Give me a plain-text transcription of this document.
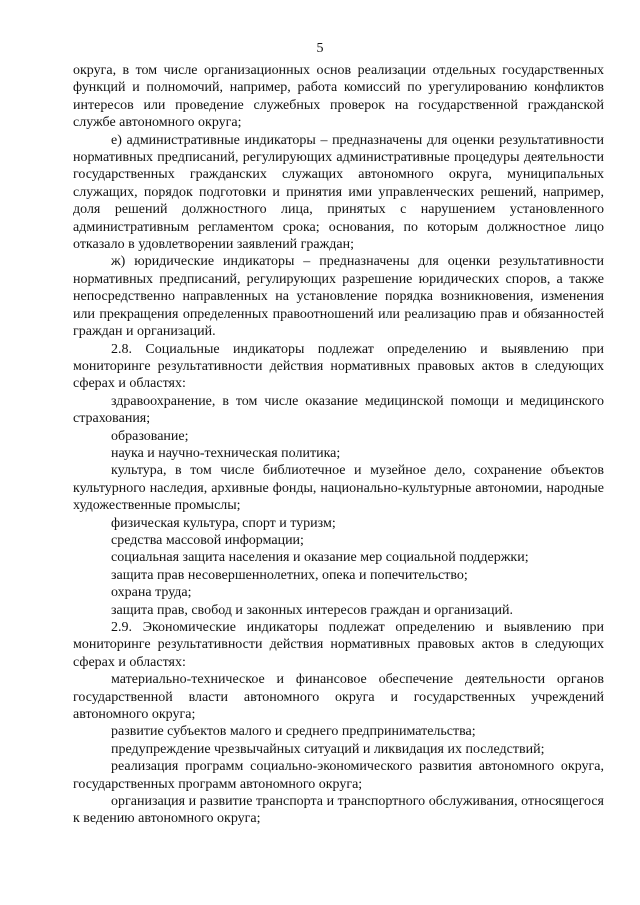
5

округа, в том числе организационных основ реализации отдельных государственных функций и полномочий, например, работа комиссий по урегулированию конфликтов интересов или проведение служебных проверок на государственной гражданской службе автономного округа;

е) административные индикаторы – предназначены для оценки результативности нормативных предписаний, регулирующих административные процедуры деятельности государственных гражданских служащих автономного округа, муниципальных служащих, порядок подготовки и принятия ими управленческих решений, например, доля решений должностного лица, принятых с нарушением установленного административным регламентом срока; основания, по которым должностное лицо отказало в удовлетворении заявлений граждан;

ж) юридические индикаторы – предназначены для оценки результативности нормативных предписаний, регулирующих разрешение юридических споров, а также непосредственно направленных на установление порядка возникновения, изменения или прекращения определенных правоотношений или реализацию прав и обязанностей граждан и организаций.

2.8. Социальные индикаторы подлежат определению и выявлению при мониторинге результативности действия нормативных правовых актов в следующих сферах и областях:

здравоохранение, в том числе оказание медицинской помощи и медицинского страхования;

образование;

наука и научно-техническая политика;

культура, в том числе библиотечное и музейное дело, сохранение объектов культурного наследия, архивные фонды, национально-культурные автономии, народные художественные промыслы;

физическая культура, спорт и туризм;

средства массовой информации;

социальная защита населения и оказание мер социальной поддержки;

защита прав несовершеннолетних, опека и попечительство;

охрана труда;

защита прав, свобод и законных интересов граждан и организаций.

2.9. Экономические индикаторы подлежат определению и выявлению при мониторинге результативности действия нормативных правовых актов в следующих сферах и областях:

материально-техническое и финансовое обеспечение деятельности органов государственной власти автономного округа и государственных учреждений автономного округа;

развитие субъектов малого и среднего предпринимательства;

предупреждение чрезвычайных ситуаций и ликвидация их последствий;

реализация программ социально-экономического развития автономного округа, государственных программ автономного округа;

организация и развитие транспорта и транспортного обслуживания, относящегося к ведению автономного округа;
